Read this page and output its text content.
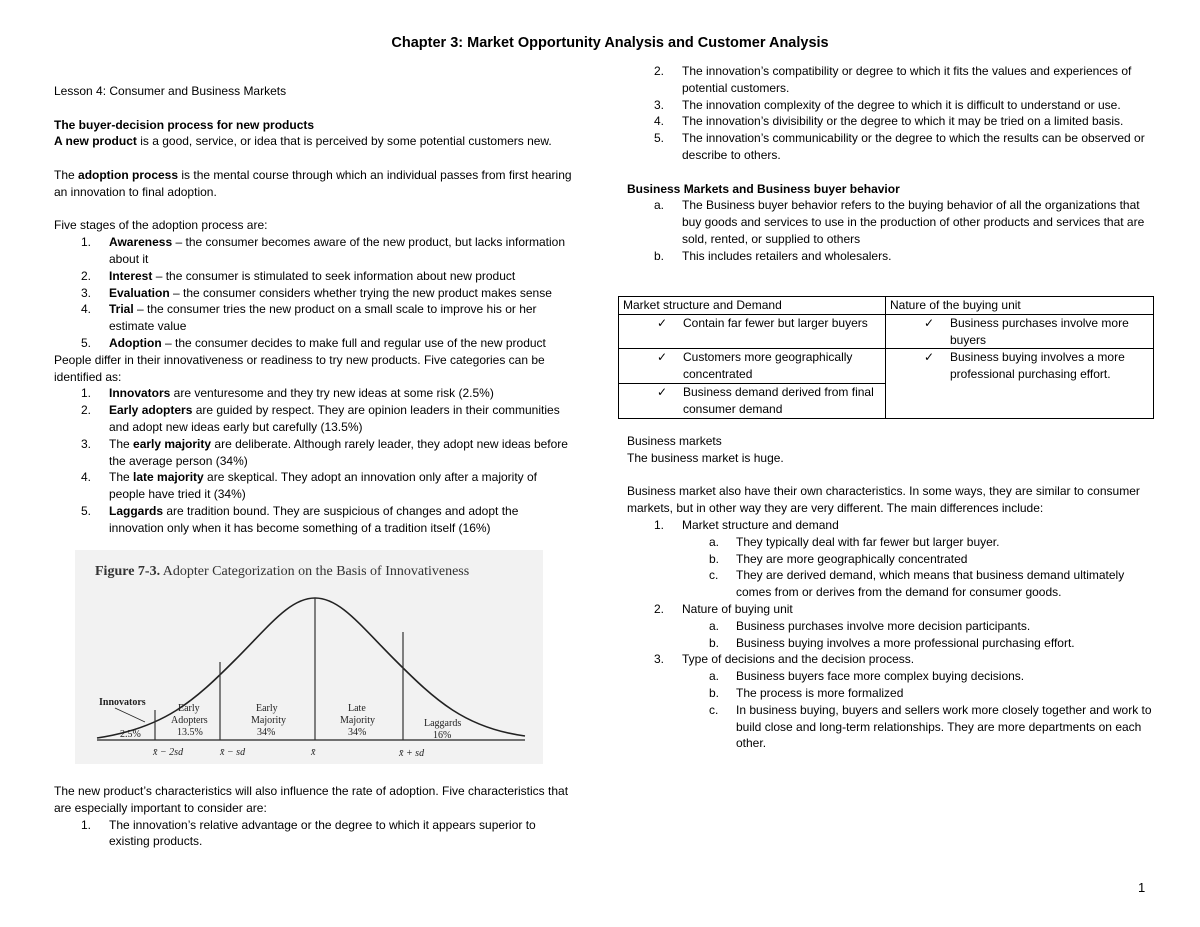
Chapter 3: Market Opportunity Analysis and Customer Analysis

Lesson 4: Consumer and Business Markets

The buyer-decision process for new products

A new product is a good, service, or idea that is perceived by some potential customers new.

The adoption process is the mental course through which an individual passes from first hearing an innovation to final adoption.

Five stages of the adoption process are:

1. Awareness – the consumer becomes aware of the new product, but lacks information about it
2. Interest – the consumer is stimulated to seek information about new product
3. Evaluation – the consumer considers whether trying the new product makes sense
4. Trial – the consumer tries the new product on a small scale to improve his or her estimate value
5. Adoption – the consumer decides to make full and regular use of the new product

People differ in their innovativeness or readiness to try new products. Five categories can be identified as:

1. Innovators are venturesome and they try new ideas at some risk (2.5%)
2. Early adopters are guided by respect. They are opinion leaders in their communities and adopt new ideas early but carefully (13.5%)
3. The early majority are deliberate. Although rarely leader, they adopt new ideas before the average person (34%)
4. The late majority are skeptical. They adopt an innovation only after a majority of people have tried it (34%)
5. Laggards are tradition bound. They are suspicious of changes and adopt the innovation only when it has become something of a tradition itself (16%)
Figure 7-3. Adopter Categorization on the Basis of Innovativeness
Innovators
2.5%
Early
Adopters
13.5%
Early
Majority
34%
Late
Majority
34%
Laggards
16%
x̄ − 2sd	x̄ − sd	x̄	x̄ + sd

The new product’s characteristics will also influence the rate of adoption. Five characteristics that are especially important to consider are:

1. The innovation’s relative advantage or the degree to which it appears superior to existing products.
2. The innovation’s compatibility or degree to which it fits the values and experiences of potential customers.
3. The innovation complexity of the degree to which it is difficult to understand or use.
4. The innovation’s divisibility or the degree to which it may be tried on a limited basis.
5. The innovation’s communicability or the degree to which the results can be observed or describe to others.

Business Markets and Business buyer behavior

a. The Business buyer behavior refers to the buying behavior of all the organizations that buy goods and services to use in the production of other products and services that are sold, rented, or supplied to others
b. This includes retailers and wholesalers.
Market structure and Demand	Nature of the buying unit

✓ Contain far fewer but larger buyers	✓ Business purchases involve more buyers

✓ Customers more geographically concentrated	✓ Business buying involves a more professional purchasing effort.

✓ Business demand derived from final consumer demand	

Business markets

The business market is huge.

Business market also have their own characteristics. In some ways, they are similar to consumer markets, but in other way they are very different. The main differences include:

1. Market structure and demand
a. They typically deal with far fewer but larger buyer.
b. They are more geographically concentrated
c. They are derived demand, which means that business demand ultimately comes from or derives from the demand for consumer goods.
2. Nature of buying unit
a. Business purchases involve more decision participants.
b. Business buying involves a more professional purchasing effort.
3. Type of decisions and the decision process.
a. Business buyers face more complex buying decisions.
b. The process is more formalized
c. In business buying, buyers and sellers work more closely together and work to build close and long-term relationships. They are more departments on each other.
1
